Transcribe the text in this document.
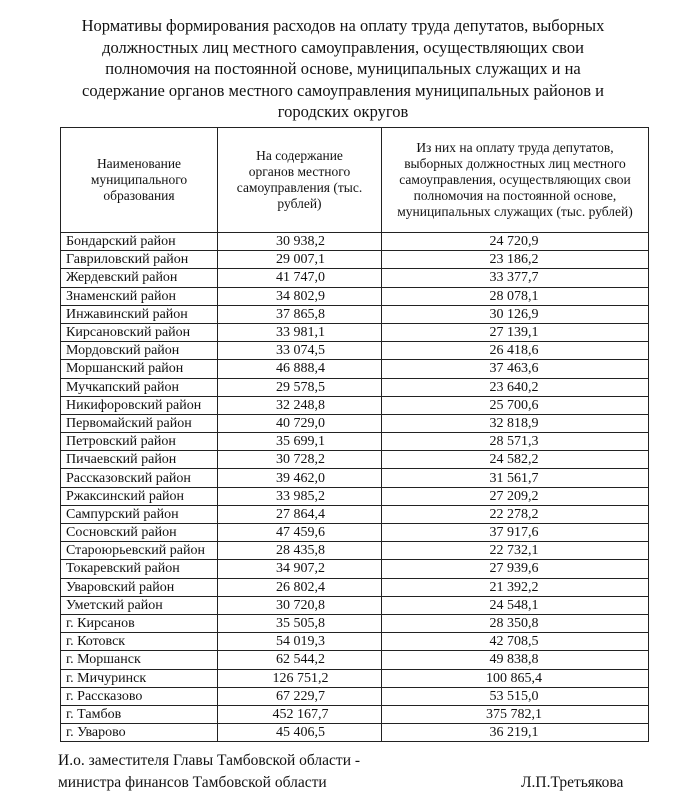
Нормативы формирования расходов на оплату труда депутатов, выборных
должностных лиц местного самоуправления, осуществляющих свои
полномочия на постоянной основе, муниципальных служащих и на
содержание органов местного самоуправления муниципальных районов и
городских округов
Наименование муниципального образования	На содержание органов местного самоуправления (тыс. рублей)	Из них на оплату труда депутатов, выборных должностных лиц местного самоуправления, осуществляющих свои полномочия на постоянной основе, муниципальных служащих (тыс. рублей)
Бондарский район	30 938,2	24 720,9
Гавриловский район	29 007,1	23 186,2
Жердевский район	41 747,0	33 377,7
Знаменский район	34 802,9	28 078,1
Инжавинский район	37 865,8	30 126,9
Кирсановский район	33 981,1	27 139,1
Мордовский район	33 074,5	26 418,6
Моршанский район	46 888,4	37 463,6
Мучкапский район	29 578,5	23 640,2
Никифоровский район	32 248,8	25 700,6
Первомайский район	40 729,0	32 818,9
Петровский район	35 699,1	28 571,3
Пичаевский район	30 728,2	24 582,2
Рассказовский район	39 462,0	31 561,7
Ржаксинский район	33 985,2	27 209,2
Сампурский район	27 864,4	22 278,2
Сосновский район	47 459,6	37 917,6
Староюрьевский район	28 435,8	22 732,1
Токаревский район	34 907,2	27 939,6
Уваровский район	26 802,4	21 392,2
Уметский район	30 720,8	24 548,1
г. Кирсанов	35 505,8	28 350,8
г. Котовск	54 019,3	42 708,5
г. Моршанск	62 544,2	49 838,8
г. Мичуринск	126 751,2	100 865,4
г. Рассказово	67 229,7	53 515,0
г. Тамбов	452 167,7	375 782,1
г. Уварово	45 406,5	36 219,1
И.о. заместителя Главы Тамбовской области -
министра финансов Тамбовской области	Л.П.Третьякова
